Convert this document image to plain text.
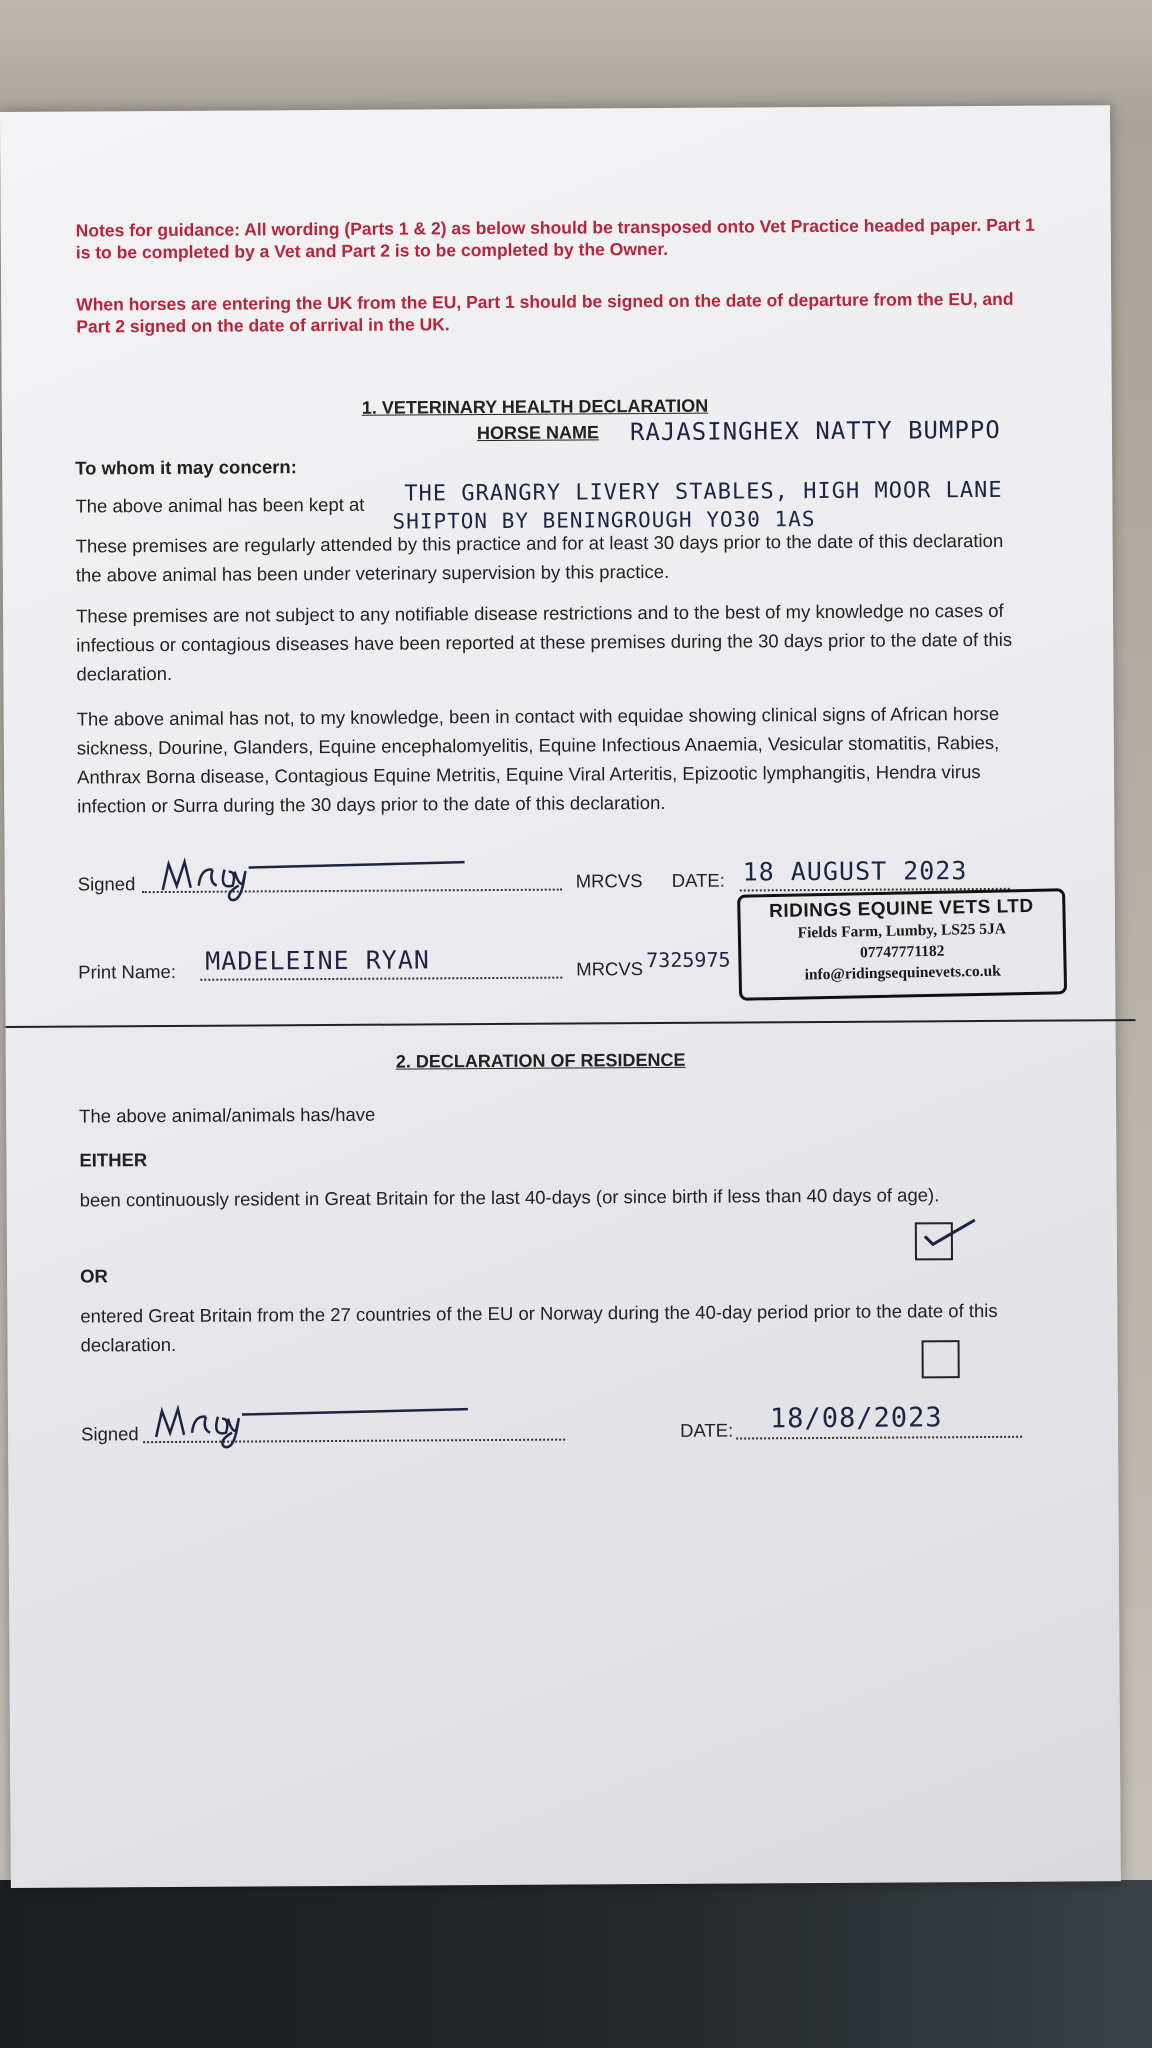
Notes for guidance: All wording (Parts 1 & 2) as below should be transposed onto Vet Practice headed paper. Part 1 is to be completed by a Vet and Part 2 is to be completed by the Owner.
When horses are entering the UK from the EU, Part 1 should be signed on the date of departure from the EU, and Part 2 signed on the date of arrival in the UK.
1. VETERINARY HEALTH DECLARATION
HORSE NAME RAJASINGHEX NATTY BUMPPO
To whom it may concern:
The above animal has been kept at	THE GRANGRY LIVERY STABLES, HIGH MOOR LANE
SHIPTON BY BENINGROUGH YO30 1AS
These premises are regularly attended by this practice and for at least 30 days prior to the date of this declaration the above animal has been under veterinary supervision by this practice.
These premises are not subject to any notifiable disease restrictions and to the best of my knowledge no cases of infectious or contagious diseases have been reported at these premises during the 30 days prior to the date of this declaration.
The above animal has not, to my knowledge, been in contact with equidae showing clinical signs of African horse sickness, Dourine, Glanders, Equine encephalomyelitis, Equine Infectious Anaemia, Vesicular stomatitis, Rabies, Anthrax Borna disease, Contagious Equine Metritis, Equine Viral Arteritis, Epizootic lymphangitis, Hendra virus infection or Surra during the 30 days prior to the date of this declaration.
Signed	MRCVS DATE: 18 AUGUST 2023
RIDINGS EQUINE VETS LTD
Fields Farm, Lumby, LS25 5JA
07747771182
info@ridingsequinevets.co.uk
Print Name: MADELEINE RYAN	MRCVS 7325975
2. DECLARATION OF RESIDENCE
The above animal/animals has/have
EITHER
been continuously resident in Great Britain for the last 40-days (or since birth if less than 40 days of age).
OR
entered Great Britain from the 27 countries of the EU or Norway during the 40-day period prior to the date of this declaration.
Signed	DATE: 18/08/2023
